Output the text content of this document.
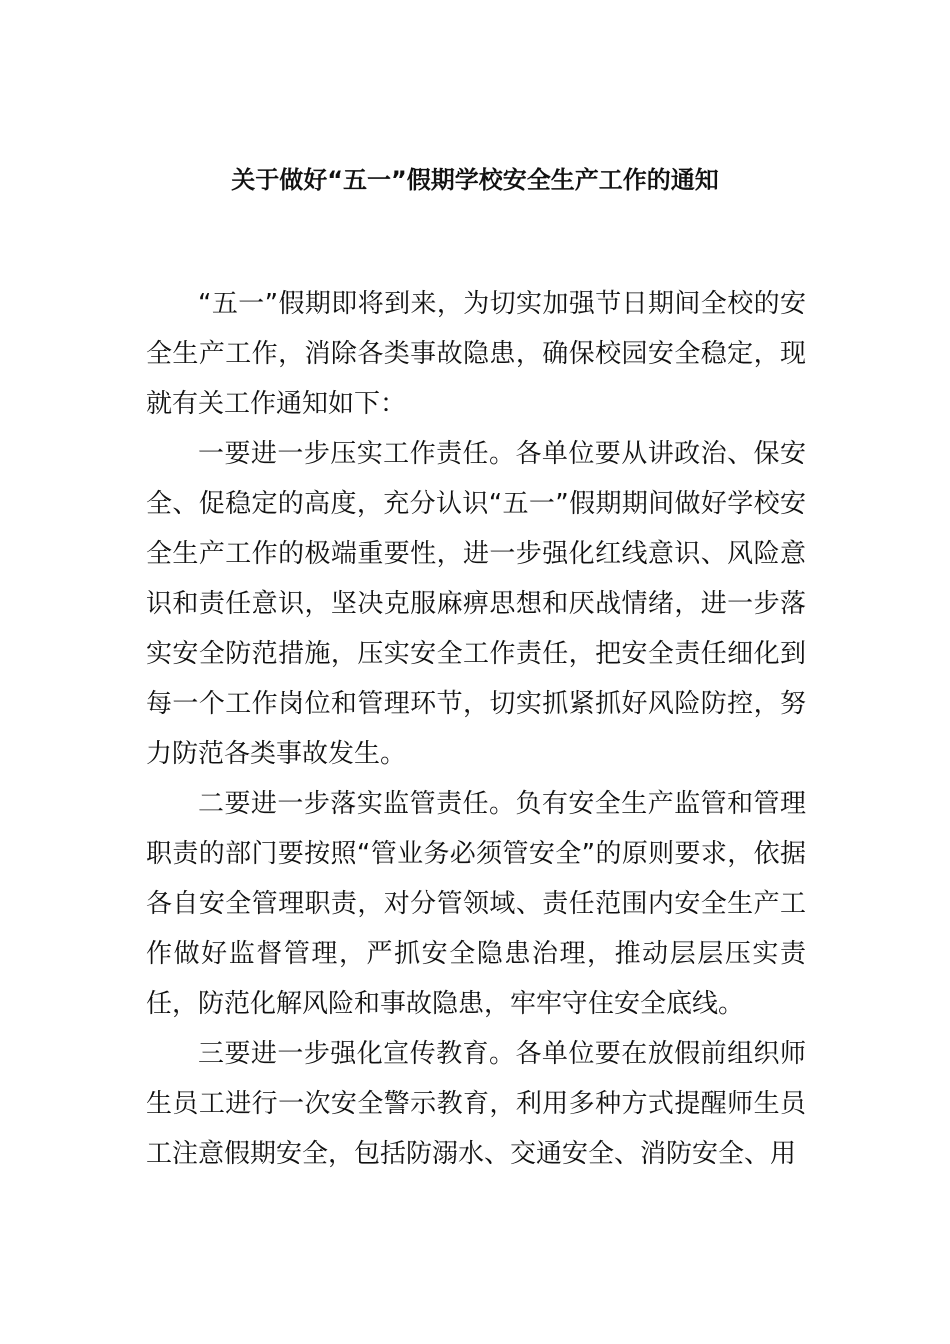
关于做好“五一”假期学校安全生产工作的通知

“五一”假期即将到来，为切实加强节日期间全校的安全生产工作，消除各类事故隐患，确保校园安全稳定，现就有关工作通知如下：

一要进一步压实工作责任。各单位要从讲政治、保安全、促稳定的高度，充分认识“五一”假期期间做好学校安全生产工作的极端重要性，进一步强化红线意识、风险意识和责任意识，坚决克服麻痹思想和厌战情绪，进一步落实安全防范措施，压实安全工作责任，把安全责任细化到每一个工作岗位和管理环节，切实抓紧抓好风险防控，努力防范各类事故发生。

二要进一步落实监管责任。负有安全生产监管和管理职责的部门要按照“管业务必须管安全”的原则要求，依据各自安全管理职责，对分管领域、责任范围内安全生产工作做好监督管理，严抓安全隐患治理，推动层层压实责任，防范化解风险和事故隐患，牢牢守住安全底线。

三要进一步强化宣传教育。各单位要在放假前组织师生员工进行一次安全警示教育，利用多种方式提醒师生员工注意假期安全，包括防溺水、交通安全、消防安全、用
